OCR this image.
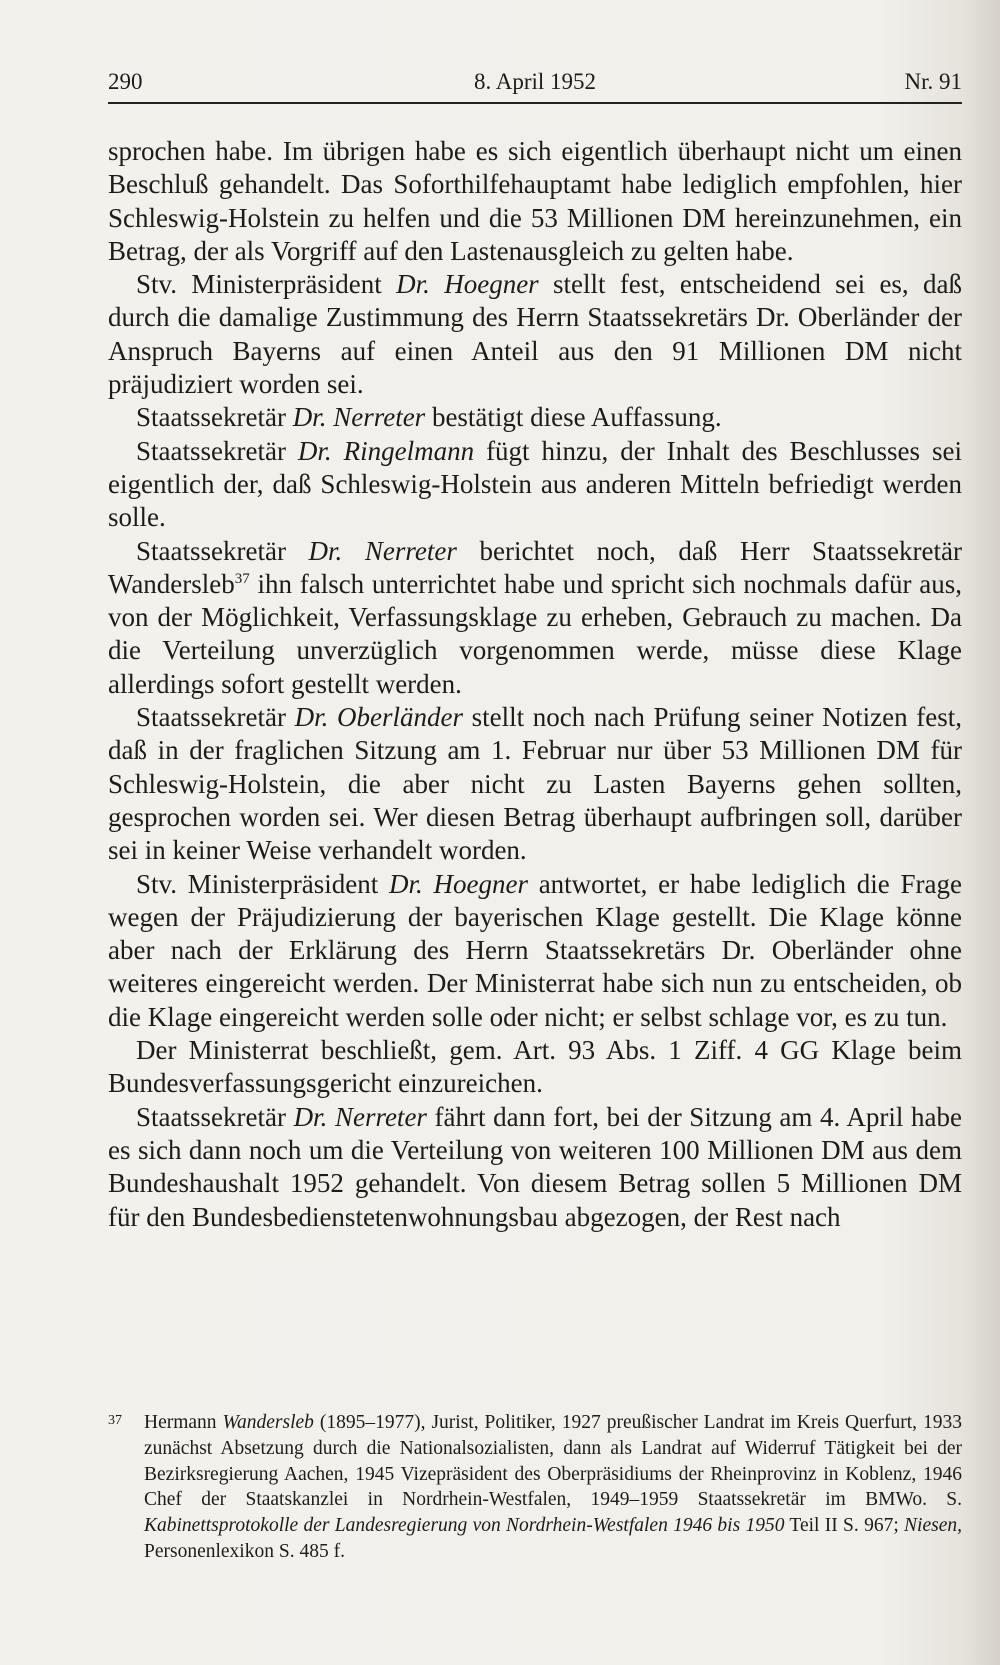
290	8. April 1952	Nr. 91

sprochen habe. Im übrigen habe es sich eigentlich überhaupt nicht um einen Beschluß gehandelt. Das Soforthilfehauptamt habe lediglich empfohlen, hier Schleswig-Holstein zu helfen und die 53 Millionen DM hereinzunehmen, ein Betrag, der als Vorgriff auf den Lastenausgleich zu gelten habe.

Stv. Ministerpräsident Dr. Hoegner stellt fest, entscheidend sei es, daß durch die damalige Zustimmung des Herrn Staatssekretärs Dr. Oberländer der Anspruch Bayerns auf einen Anteil aus den 91 Millionen DM nicht präjudiziert worden sei.

Staatssekretär Dr. Nerreter bestätigt diese Auffassung.

Staatssekretär Dr. Ringelmann fügt hinzu, der Inhalt des Beschlusses sei eigentlich der, daß Schleswig-Holstein aus anderen Mitteln befriedigt werden solle.

Staatssekretär Dr. Nerreter berichtet noch, daß Herr Staatssekretär Wandersleb$^{37}$ ihn falsch unterrichtet habe und spricht sich nochmals dafür aus, von der Möglichkeit, Verfassungsklage zu erheben, Gebrauch zu machen. Da die Verteilung unverzüglich vorgenommen werde, müsse diese Klage allerdings sofort gestellt werden.

Staatssekretär Dr. Oberländer stellt noch nach Prüfung seiner Notizen fest, daß in der fraglichen Sitzung am 1. Februar nur über 53 Millionen DM für Schleswig-Holstein, die aber nicht zu Lasten Bayerns gehen sollten, gesprochen worden sei. Wer diesen Betrag überhaupt aufbringen soll, darüber sei in keiner Weise verhandelt worden.

Stv. Ministerpräsident Dr. Hoegner antwortet, er habe lediglich die Frage wegen der Präjudizierung der bayerischen Klage gestellt. Die Klage könne aber nach der Erklärung des Herrn Staatssekretärs Dr. Oberländer ohne weiteres eingereicht werden. Der Ministerrat habe sich nun zu entscheiden, ob die Klage eingereicht werden solle oder nicht; er selbst schlage vor, es zu tun.

Der Ministerrat beschließt, gem. Art. 93 Abs. 1 Ziff. 4 GG Klage beim Bundesverfassungsgericht einzureichen.

Staatssekretär Dr. Nerreter fährt dann fort, bei der Sitzung am 4. April habe es sich dann noch um die Verteilung von weiteren 100 Millionen DM aus dem Bundeshaushalt 1952 gehandelt. Von diesem Betrag sollen 5 Millionen DM für den Bundesbedienstetenwohnungsbau abgezogen, der Rest nach

37	Hermann Wandersleb (1895–1977), Jurist, Politiker, 1927 preußischer Landrat im Kreis Querfurt, 1933 zunächst Absetzung durch die Nationalsozialisten, dann als Landrat auf Widerruf Tätigkeit bei der Bezirksregierung Aachen, 1945 Vizepräsident des Oberpräsidiums der Rheinprovinz in Koblenz, 1946 Chef der Staatskanzlei in Nordrhein-Westfalen, 1949–1959 Staatssekretär im BMWo. S. Kabinettsprotokolle der Landesregierung von Nordrhein-Westfalen 1946 bis 1950 Teil II S. 967; Niesen, Personenlexikon S. 485 f.
